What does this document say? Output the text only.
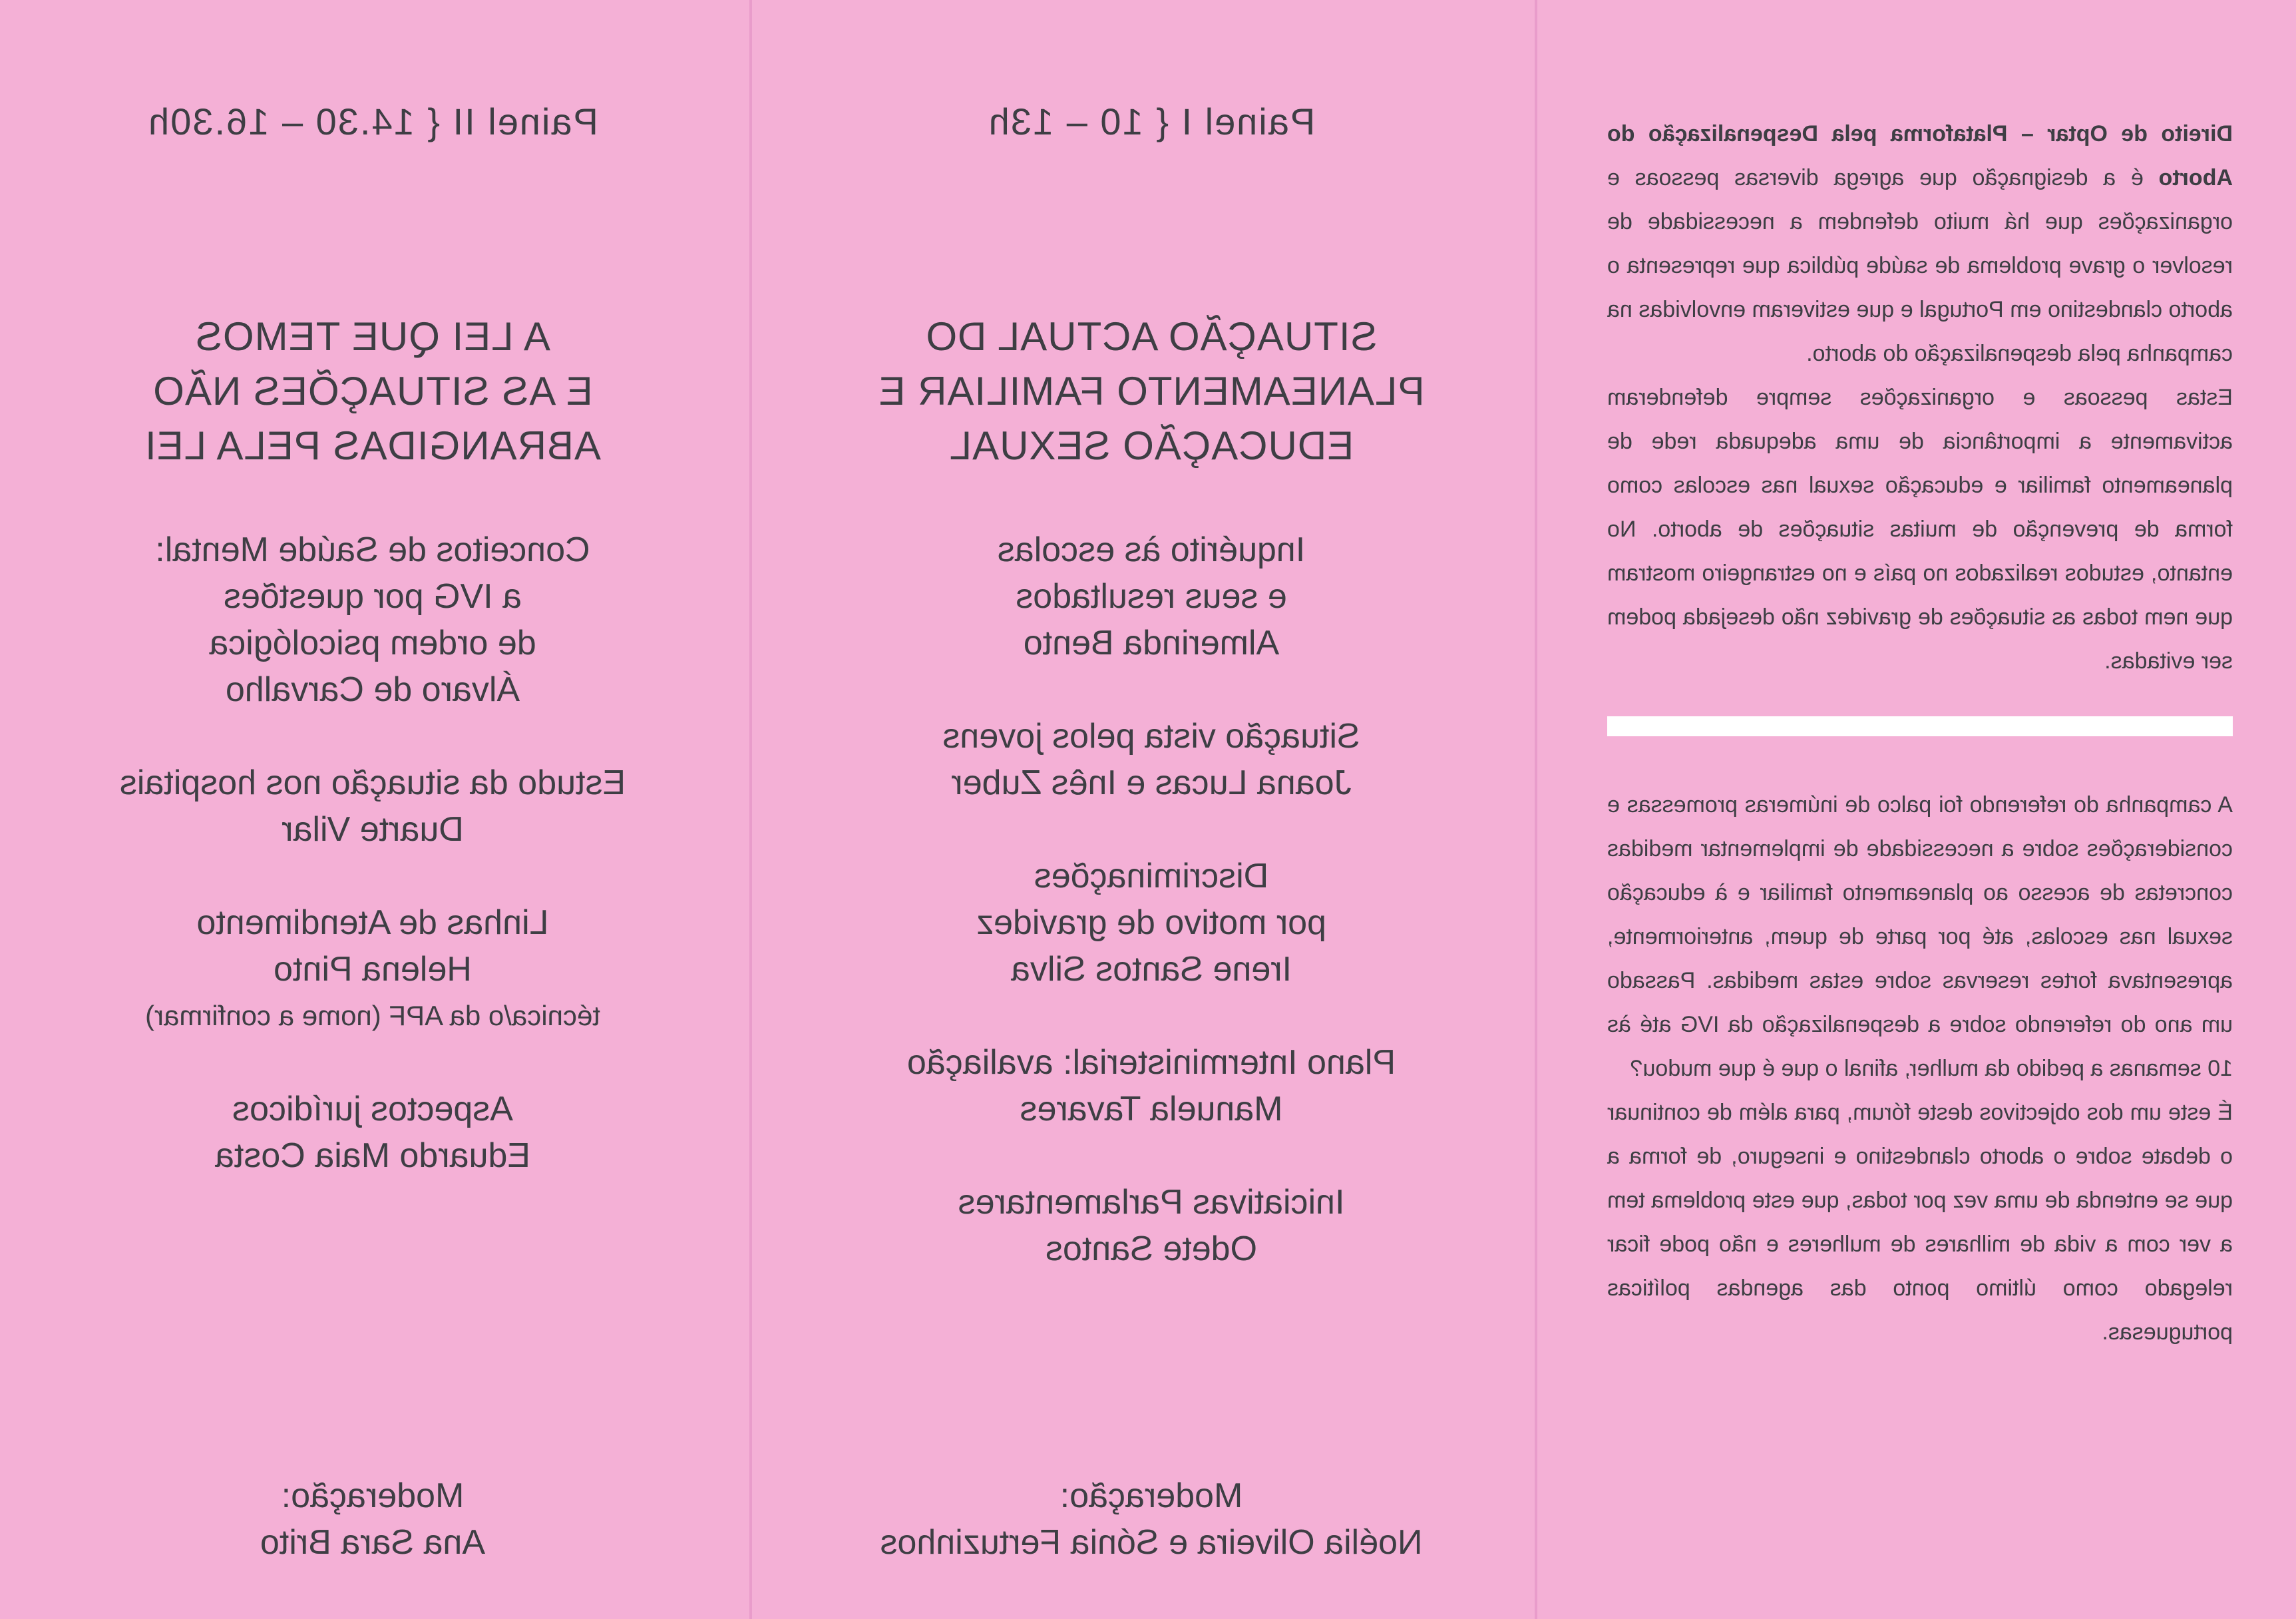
Painel II { 14.30 – 16.30h
A LEI QUE TEMOS
E AS SITUAÇÕES NÃO
ABRANGIDAS PELA LEI

Conceitos de Saúde Mental:

a IVG por questões

de ordem psicológica

Álvaro de Carvalho

Estudo da situação nos hospitais

Duarte Vilar

Linhas de Atendimento

Helena Pinto

técnica/o da APF (nome a confirmar)

Aspectos jurídicos

Eduardo Maia Costa

Moderação:

Ana Sara Brito

Painel I { 10 – 13h
SITUAÇÃO ACTUAL DO
PLANEAMENTO FAMILIAR E
EDUCAÇÃO SEXUAL

Inquérito às escolas

e seus resultados

Almerinda Bento

Situação vista pelos jovens

Joana Lucas e Inês Zuber

Discriminações

por motivo de gravidez

Irene Santos Silva

Plano Interministerial: avaliação

Manuela Tavares

Iniciativas Parlamentares

Odete Santos

Moderação:

Noélia Oliveira e Sónia Fertuzinhos

Direito de Optar – Plataforma pela Despenalização do Aborto é a designação que agrega diversas pessoas e organizações que há muito defendem a necessidade de resolver o grave problema de saúde pública que representa o aborto clandestino em Portugal e que estiveram envolvidas na campanha pela despenalização do aborto.

Estas pessoas e organizações sempre defenderam activamente a importância de uma adequada rede de planeamento familiar e educação sexual nas escolas como forma de prevenção de muitas situações de aborto. No entanto, estudos realizados no país e no estrangeiro mostram que nem todas as situações de gravidez não desejada podem ser evitadas.

A campanha do referendo foi palco de inúmeras promessas e considerações sobre a necessidade de implementar medidas concretas de acesso ao planeamento familiar e à educação sexual nas escolas, até por parte de quem, anteriormente, apresentava fortes reservas sobre estas medidas. Passado um ano do referendo sobre a despenalização da IVG até às 10 semanas a pedido da mulher, afinal o que é que mudou?

É este um dos objectivos deste fórum, para além de continuar o debate sobre o aborto clandestino e inseguro, de forma a que se entenda de uma vez por todas, que este problema tem a ver com a vida de milhares de mulheres e não pode ficar relegado como último ponto das agendas políticas portuguesas.
